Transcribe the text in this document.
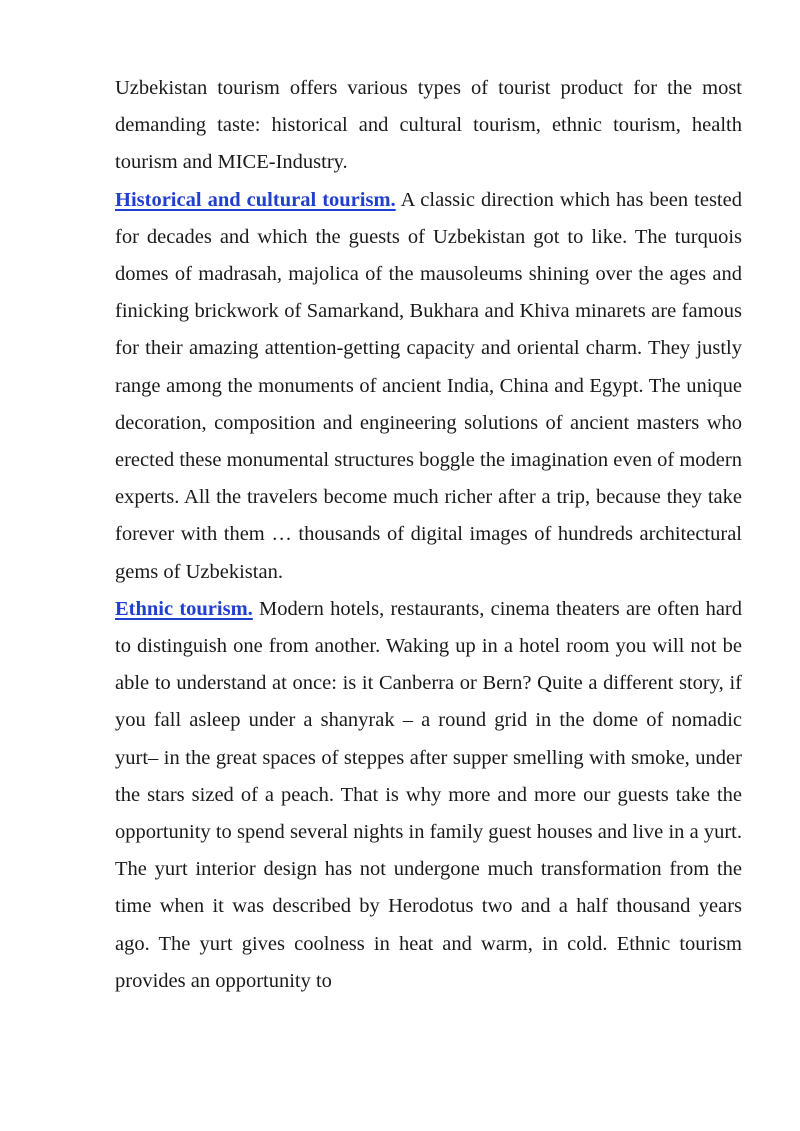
Uzbekistan tourism offers various types of tourist product for the most demanding taste: historical and cultural tourism, ethnic tourism, health tourism and MICE-Industry.

Historical and cultural tourism. A classic direction which has been tested for decades and which the guests of Uzbekistan got to like. The turquois domes of madrasah, majolica of the mausoleums shining over the ages and finicking brickwork of Samarkand, Bukhara and Khiva minarets are famous for their amazing attention-getting capacity and oriental charm. They justly range among the monuments of ancient India, China and Egypt. The unique decoration, composition and engineering solutions of ancient masters who erected these monumental structures boggle the imagination even of modern experts. All the travelers become much richer after a trip, because they take forever with them … thousands of digital images of hundreds architectural gems of Uzbekistan.

Ethnic tourism. Modern hotels, restaurants, cinema theaters are often hard to distinguish one from another. Waking up in a hotel room you will not be able to understand at once: is it Canberra or Bern? Quite a different story, if you fall asleep under a shanyrak – a round grid in the dome of nomadic yurt– in the great spaces of steppes after supper smelling with smoke, under the stars sized of a peach. That is why more and more our guests take the opportunity to spend several nights in family guest houses and live in a yurt. The yurt interior design has not undergone much transformation from the time when it was described by Herodotus two and a half thousand years ago. The yurt gives coolness in heat and warm, in cold. Ethnic tourism provides an opportunity to
